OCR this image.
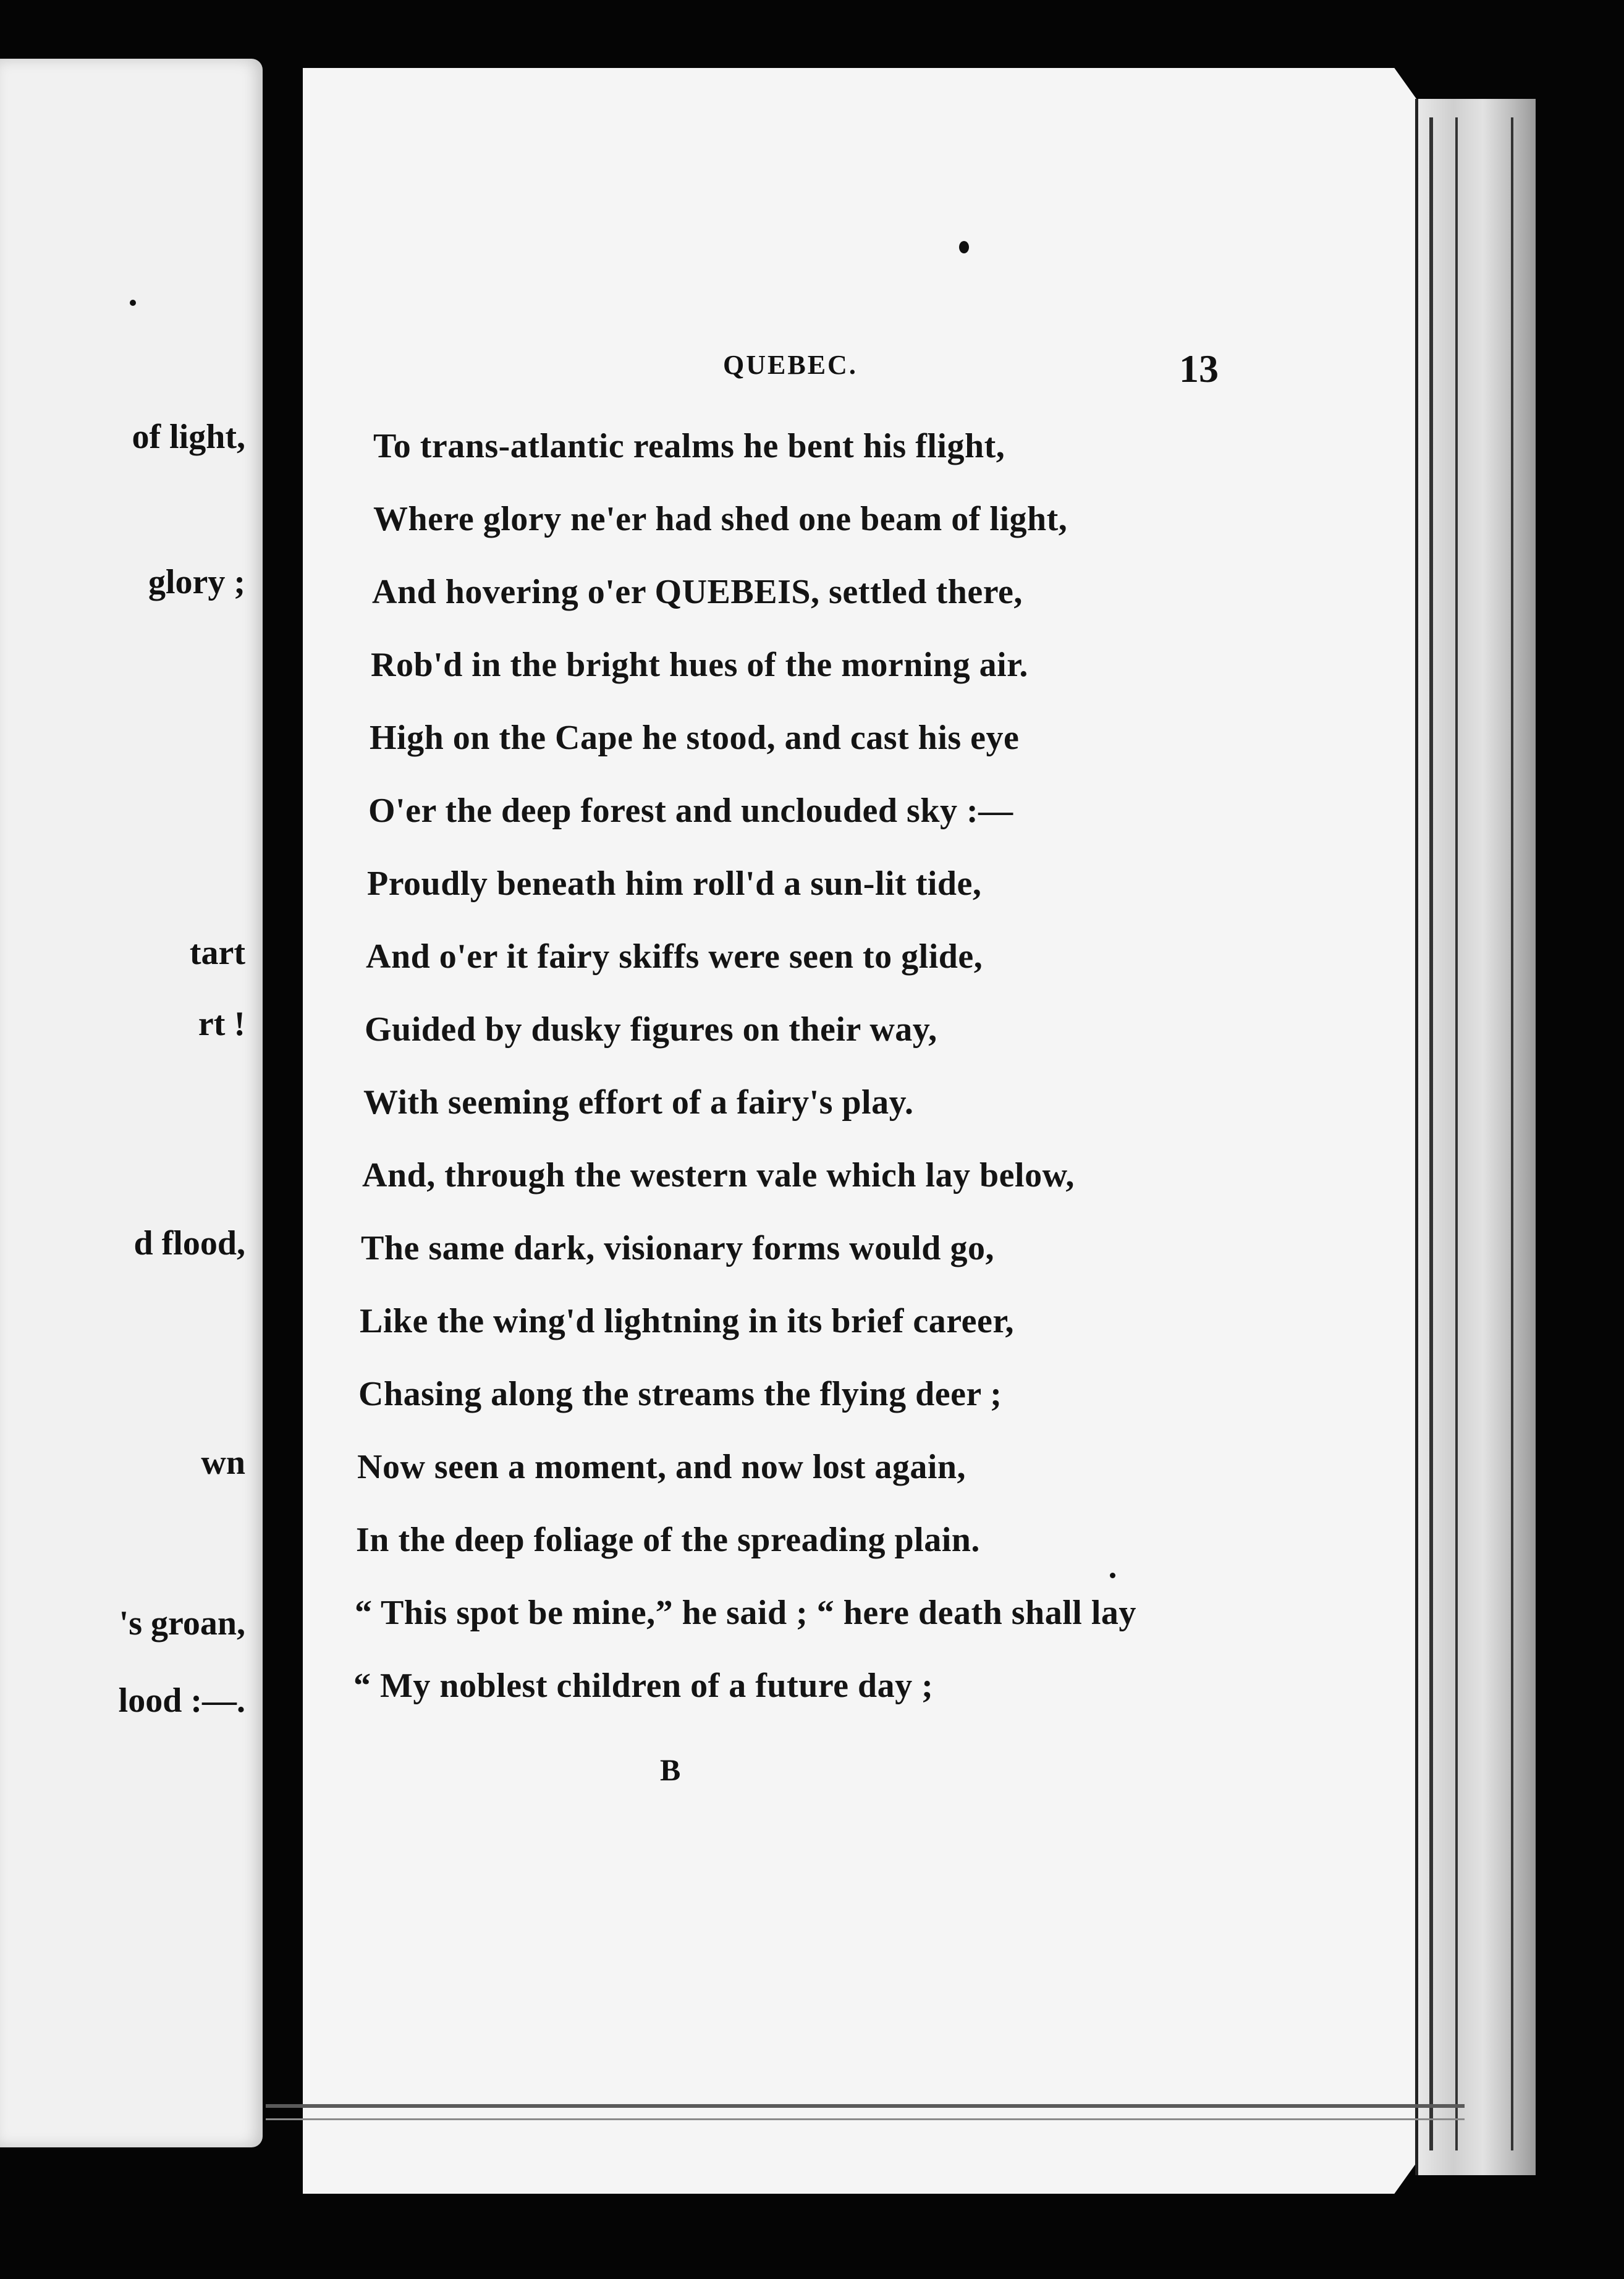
of light,
glory ;
tart
rt !
d flood,
wn
's groan,
lood :—.
QUEBEC.	13
To trans-atlantic realms he bent his flight,
Where glory ne'er had shed one beam of light,
And hovering o'er QUEBEIS, settled there,
Rob'd in the bright hues of the morning air.
High on the Cape he stood, and cast his eye
O'er the deep forest and unclouded sky :—
Proudly beneath him roll'd a sun-lit tide,
And o'er it fairy skiffs were seen to glide,
Guided by dusky figures on their way,
With seeming effort of a fairy's play.
And, through the western vale which lay below,
The same dark, visionary forms would go,
Like the wing'd lightning in its brief career,
Chasing along the streams the flying deer ;
Now seen a moment, and now lost again,
In the deep foliage of the spreading plain.
“ This spot be mine,” he said ; “ here death shall lay
“ My noblest children of a future day ;
B
